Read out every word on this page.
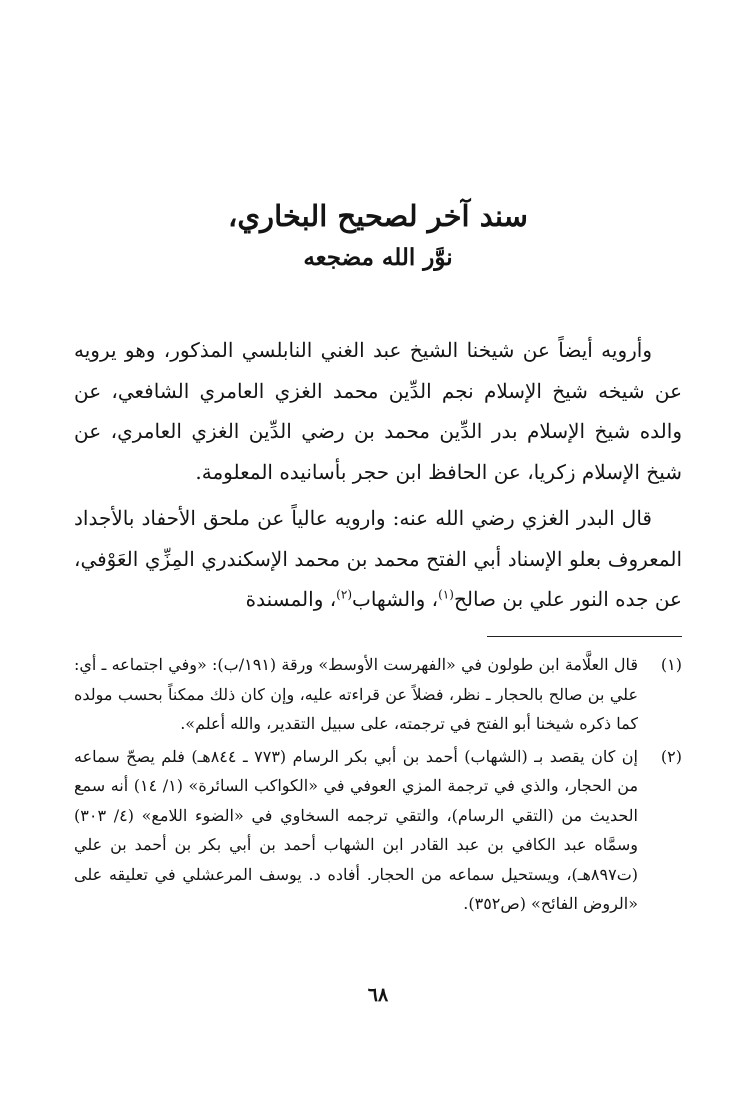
سند آخر لصحيح البخاري،
نوَّر الله مضجعه

وأرويه أيضاً عن شيخنا الشيخ عبد الغني النابلسي المذكور، وهو يرويه عن شيخه شيخ الإسلام نجم الدِّين محمد الغزي العامري الشافعي، عن والده شيخ الإسلام بدر الدِّين محمد بن رضي الدِّين الغزي العامري، عن شيخ الإسلام زكريا، عن الحافظ ابن حجر بأسانيده المعلومة.

قال البدر الغزي رضي الله عنه: وارويه عالياً عن ملحق الأحفاد بالأجداد المعروف بعلو الإسناد أبي الفتح محمد بن محمد الإسكندري المِزِّي العَوْفي، عن جده النور علي بن صالح$^{(١)}$، والشهاب$^{(٢)}$، والمسندة

(١)
قال العلَّامة ابن طولون في «الفهرست الأوسط» ورقة (١٩١/ب): «وفي اجتماعه ـ أي: علي بن صالح بالحجار ـ نظر، فضلاً عن قراءته عليه، وإن كان ذلك ممكناً بحسب مولده كما ذكره شيخنا أبو الفتح في ترجمته، على سبيل التقدير، والله أعلم».
(٢)
إن كان يقصد بـ (الشهاب) أحمد بن أبي بكر الرسام (٧٧٣ ـ ٨٤٤هـ) فلم يصحّ سماعه من الحجار، والذي في ترجمة المزي العوفي في «الكواكب السائرة» (١/ ١٤) أنه سمع الحديث من (التقي الرسام)، والتقي ترجمه السخاوي في «الضوء اللامع» (٤/ ٣٠٣) وسمَّاه عبد الكافي بن عبد القادر ابن الشهاب أحمد بن أبي بكر بن أحمد بن علي (ت٨٩٧هـ)، ويستحيل سماعه من الحجار. أفاده د. يوسف المرعشلي في تعليقه على «الروض الفائح» (ص٣٥٢).
٦٨
